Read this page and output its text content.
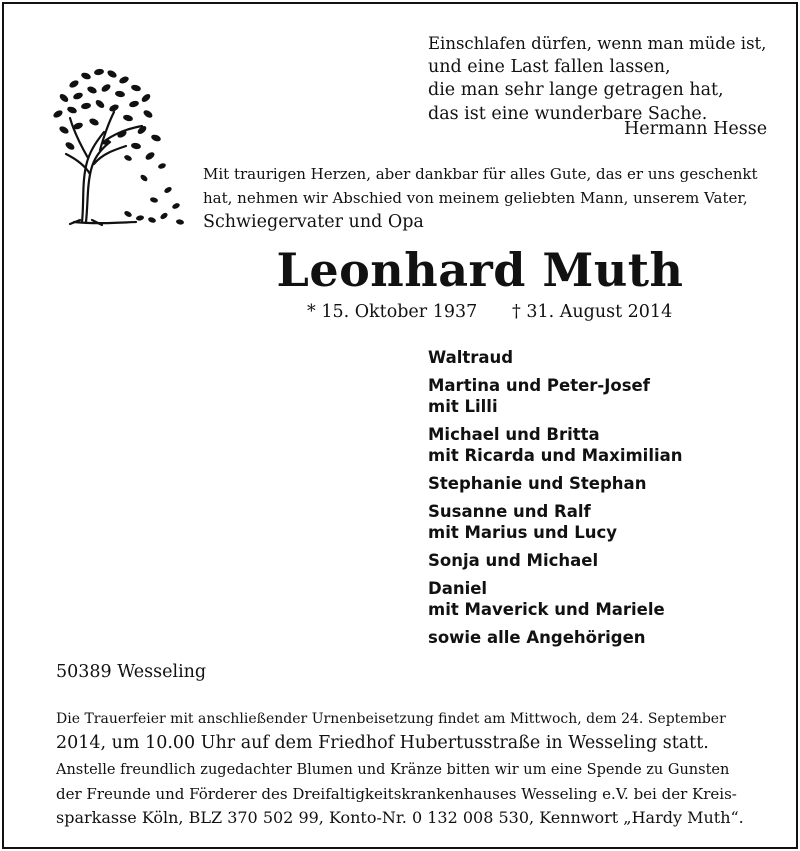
Einschlafen dürfen, wenn man müde ist,
und eine Last fallen lassen,
die man sehr lange getragen hat,
das ist eine wunderbare Sache.
Hermann Hesse
Mit traurigen Herzen, aber dankbar für alles Gute, das er uns geschenkt
hat, nehmen wir Abschied von meinem geliebten Mann, unserem Vater,
Schwiegervater und Opa
Leonhard Muth
* 15. Oktober 1937 † 31. August 2014
Waltraud
Martina und Peter-Josef
mit Lilli
Michael und Britta
mit Ricarda und Maximilian
Stephanie und Stephan
Susanne und Ralf
mit Marius und Lucy
Sonja und Michael
Daniel
mit Maverick und Mariele
sowie alle Angehörigen
50389 Wesseling
Die Trauerfeier mit anschließender Urnenbeisetzung findet am Mittwoch, dem 24. September
2014, um 10.00 Uhr auf dem Friedhof Hubertusstraße in Wesseling statt.
Anstelle freundlich zugedachter Blumen und Kränze bitten wir um eine Spende zu Gunsten
der Freunde und Förderer des Dreifaltigkeitskrankenhauses Wesseling e.V. bei der Kreis-
sparkasse Köln, BLZ 370 502 99, Konto-Nr. 0 132 008 530, Kennwort „Hardy Muth“.
